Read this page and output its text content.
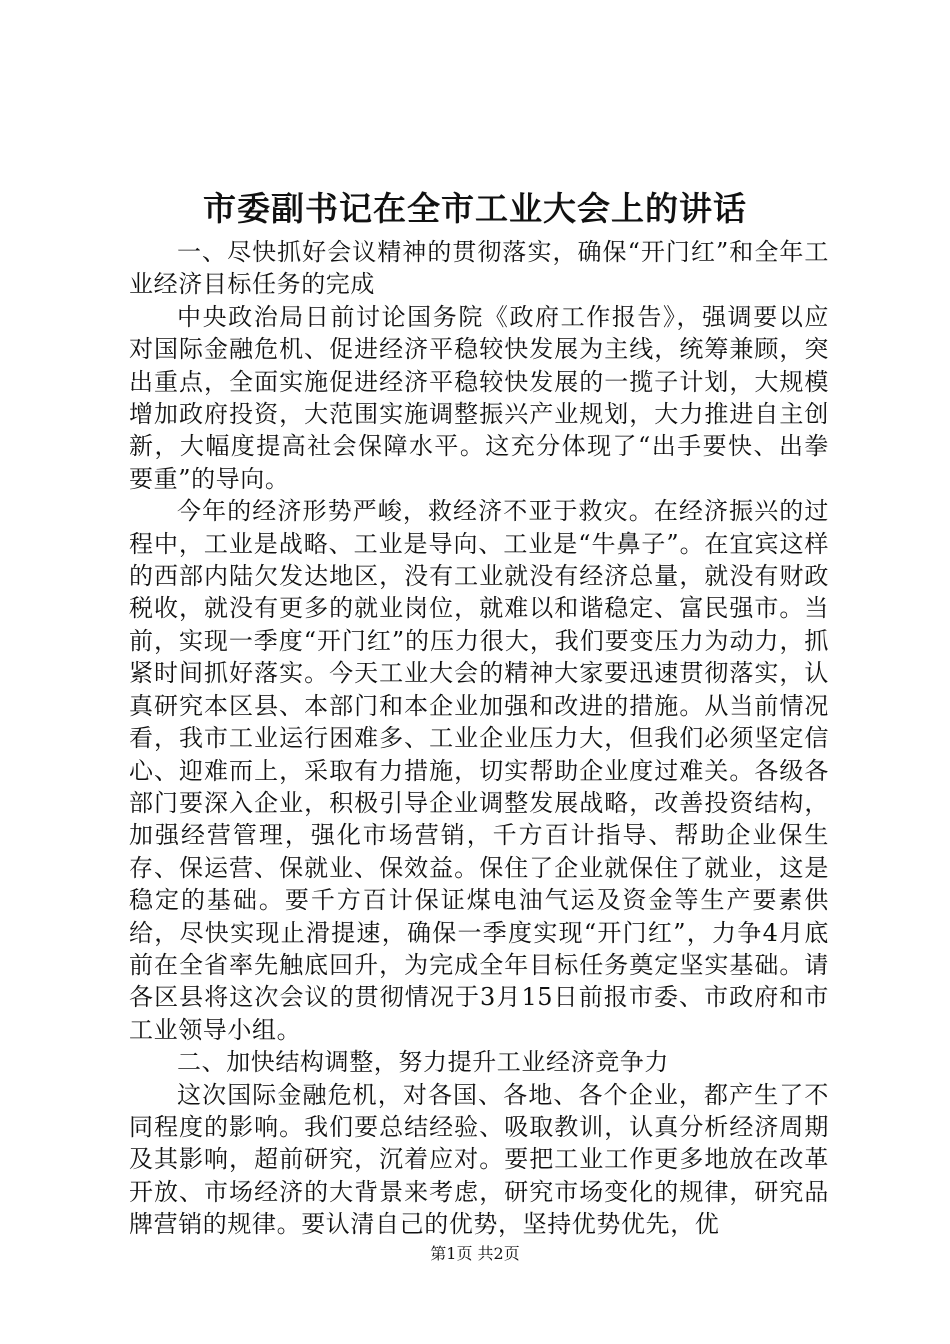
市委副书记在全市工业大会上的讲话

一、尽快抓好会议精神的贯彻落实，确保“开门红”和全年工业经济目标任务的完成

中央政治局日前讨论国务院《政府工作报告》，强调要以应对国际金融危机、促进经济平稳较快发展为主线，统筹兼顾，突出重点，全面实施促进经济平稳较快发展的一揽子计划，大规模增加政府投资，大范围实施调整振兴产业规划，大力推进自主创新，大幅度提高社会保障水平。这充分体现了“出手要快、出拳要重”的导向。

今年的经济形势严峻，救经济不亚于救灾。在经济振兴的过程中，工业是战略、工业是导向、工业是“牛鼻子”。在宜宾这样的西部内陆欠发达地区，没有工业就没有经济总量，就没有财政税收，就没有更多的就业岗位，就难以和谐稳定、富民强市。当前，实现一季度“开门红”的压力很大，我们要变压力为动力，抓紧时间抓好落实。今天工业大会的精神大家要迅速贯彻落实，认真研究本区县、本部门和本企业加强和改进的措施。从当前情况看，我市工业运行困难多、工业企业压力大，但我们必须坚定信心、迎难而上，采取有力措施，切实帮助企业度过难关。各级各部门要深入企业，积极引导企业调整发展战略，改善投资结构，加强经营管理，强化市场营销，千方百计指导、帮助企业保生存、保运营、保就业、保效益。保住了企业就保住了就业，这是稳定的基础。要千方百计保证煤电油气运及资金等生产要素供给，尽快实现止滑提速，确保一季度实现“开门红”，力争4月底前在全省率先触底回升，为完成全年目标任务奠定坚实基础。请各区县将这次会议的贯彻情况于3月15日前报市委、市政府和市工业领导小组。

二、加快结构调整，努力提升工业经济竞争力

这次国际金融危机，对各国、各地、各个企业，都产生了不同程度的影响。我们要总结经验、吸取教训，认真分析经济周期及其影响，超前研究，沉着应对。要把工业工作更多地放在改革开放、市场经济的大背景来考虑，研究市场变化的规律，研究品牌营销的规律。要认清自己的优势，坚持优势优先，优

第1页 共2页
